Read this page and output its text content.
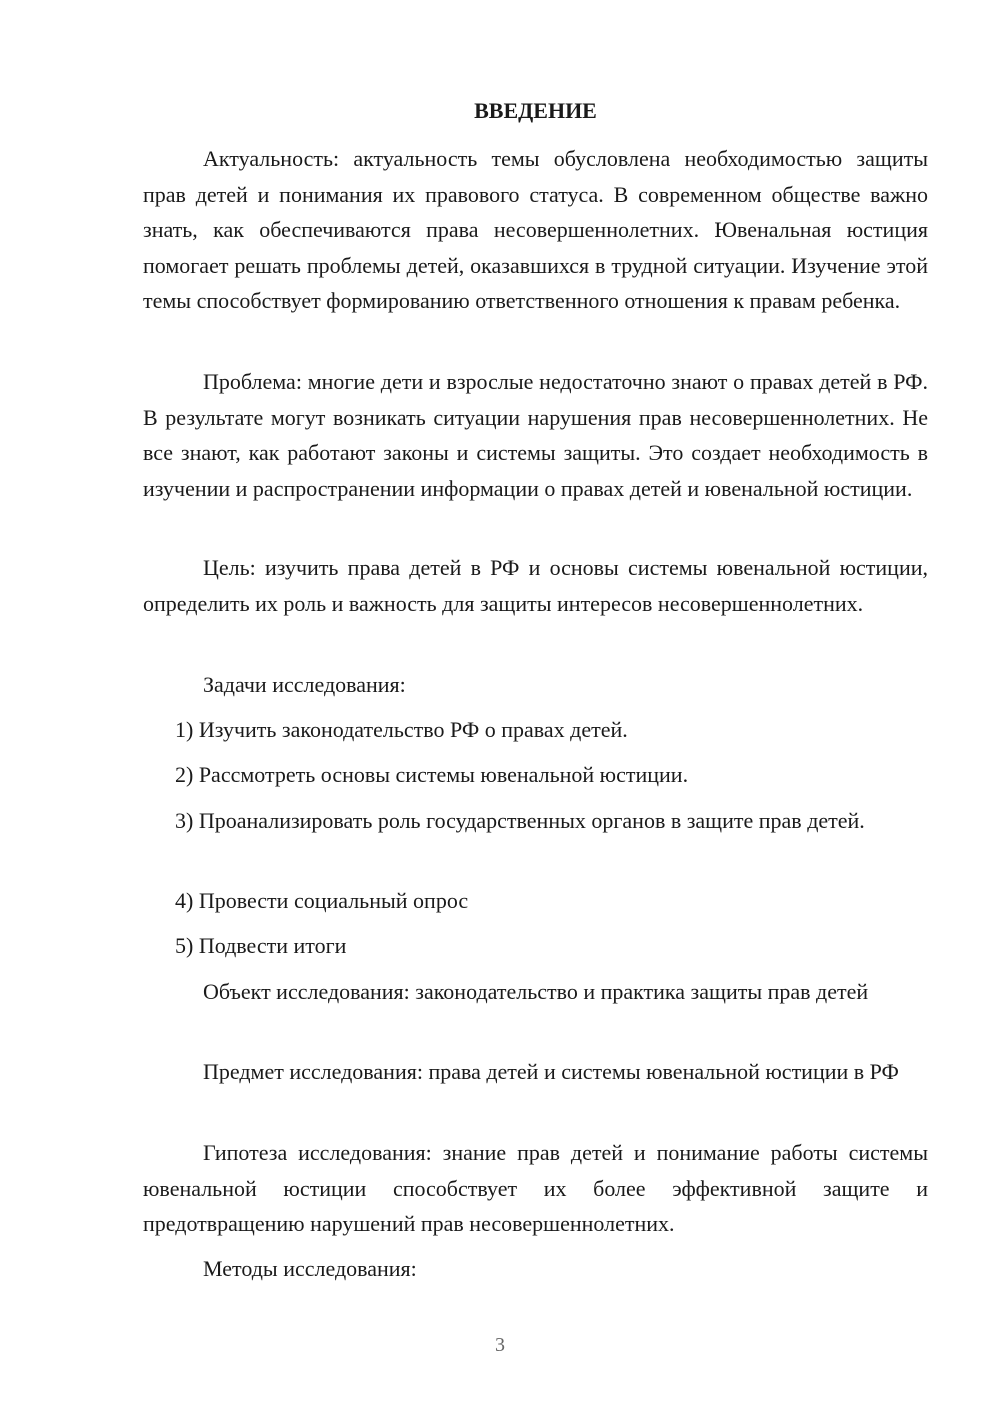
ВВЕДЕНИЕ

Актуальность: актуальность темы обусловлена необходимостью защиты прав детей и понимания их правового статуса. В современном обществе важно знать, как обеспечиваются права несовершеннолетних. Ювенальная юстиция помогает решать проблемы детей, оказавшихся в трудной ситуации. Изучение этой темы способствует формированию ответственного отношения к правам ребенка.

Проблема: многие дети и взрослые недостаточно знают о правах детей в РФ. В результате могут возникать ситуации нарушения прав несовершеннолетних. Не все знают, как работают законы и системы защиты. Это создает необходимость в изучении и распространении информации о правах детей и ювенальной юстиции.

Цель: изучить права детей в РФ и основы системы ювенальной юстиции, определить их роль и важность для защиты интересов несовершеннолетних.

Задачи исследования:

1) Изучить законодательство РФ о правах детей.

2) Рассмотреть основы системы ювенальной юстиции.

3) Проанализировать роль государственных органов в защите прав детей.

4) Провести социальный опрос

5) Подвести итоги

Объект исследования: законодательство и практика защиты прав детей

Предмет исследования: права детей и системы ювенальной юстиции в РФ

Гипотеза исследования: знание прав детей и понимание работы системы ювенальной юстиции способствует их более эффективной защите и предотвращению нарушений прав несовершеннолетних.

Методы исследования:

3
